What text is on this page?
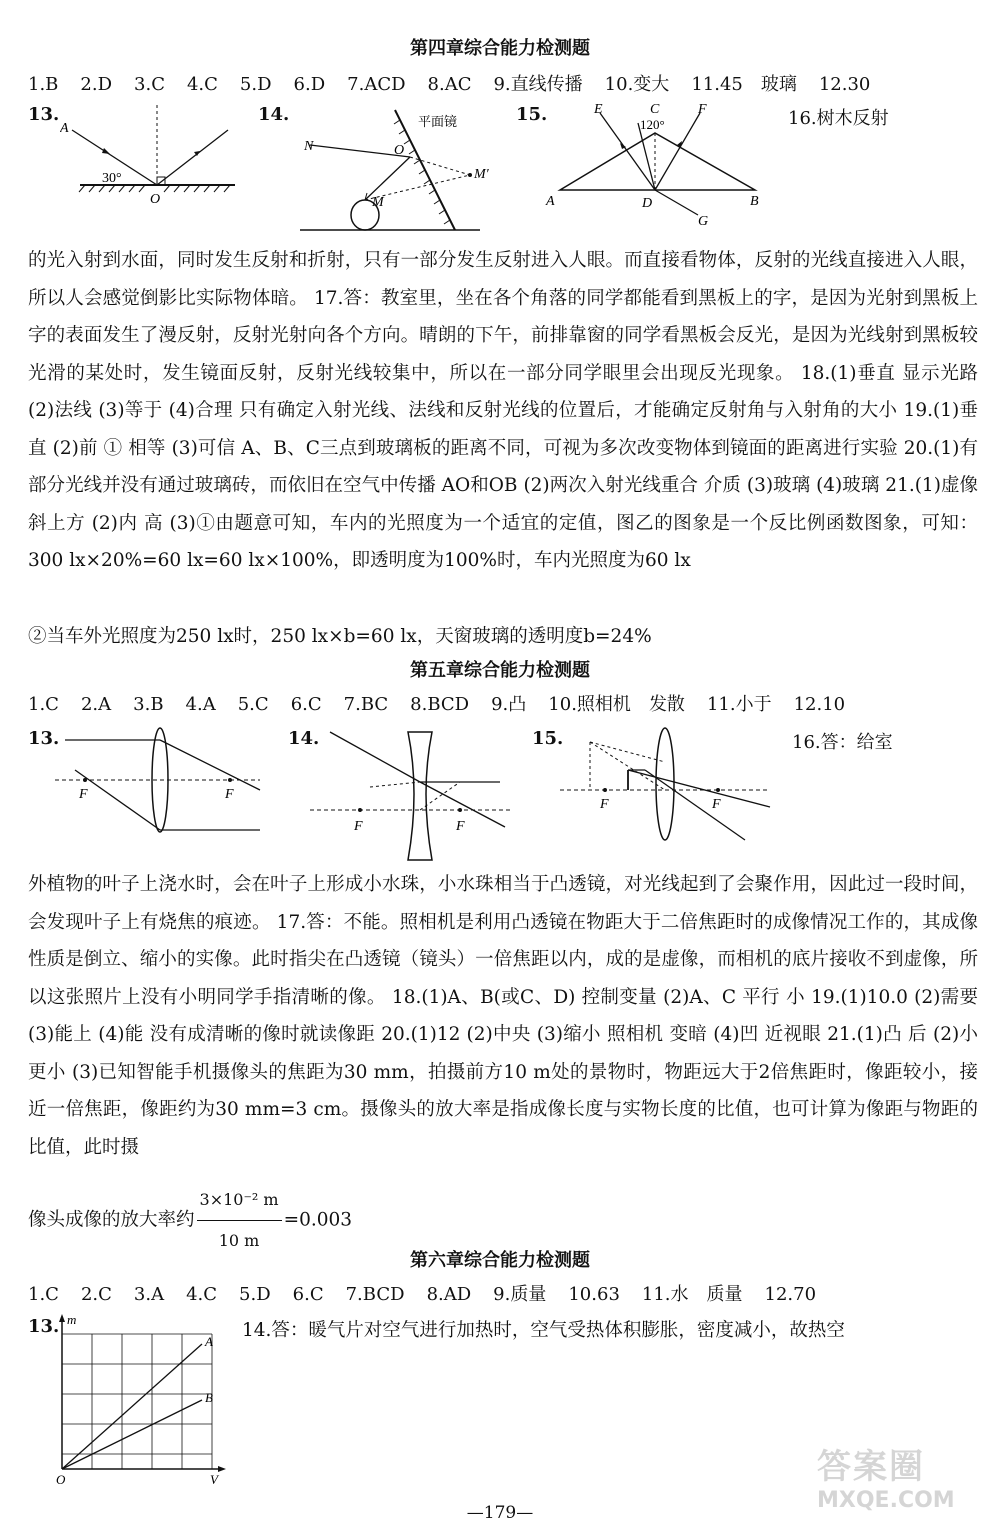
第四章综合能力检测题
1.B 2.D 3.C 4.C 5.D 6.D 7.ACD 8.AC 9.直线传播 10.变大 11.45 玻璃 12.30
13.
A
O
30°
14.	平面镜
N	O
M
M′
15.	E	C	F
120°
A	D	B
G
16.树木反射
的光入射到水面，同时发生反射和折射，只有一部分发生反射进入人眼。而直接看物体，反射的光线直接进入人眼，所以人会感觉倒影比实际物体暗。 17.答：教室里，坐在各个角落的同学都能看到黑板上的字，是因为光射到黑板上字的表面发生了漫反射，反射光射向各个方向。晴朗的下午，前排靠窗的同学看黑板会反光，是因为光线射到黑板较光滑的某处时，发生镜面反射，反射光线较集中，所以在一部分同学眼里会出现反光现象。 18.(1)垂直 显示光路 (2)法线 (3)等于 (4)合理 只有确定入射光线、法线和反射光线的位置后，才能确定反射角与入射角的大小 19.(1)垂直 (2)前 ① 相等 (3)可信 A、B、C三点到玻璃板的距离不同，可视为多次改变物体到镜面的距离进行实验 20.(1)有部分光线并没有通过玻璃砖，而依旧在空气中传播 AO和OB (2)两次入射光线重合 介质 (3)玻璃 (4)玻璃 21.(1)虚像 斜上方 (2)内 高 (3)①由题意可知，车内的光照度为一个适宜的定值，图乙的图象是一个反比例函数图象，可知：300 lx×20%=60 lx=60 lx×100%，即透明度为100%时，车内光照度为60 lx
②当车外光照度为250 lx时，250 lx×b=60 lx，天窗玻璃的透明度b=24%
第五章综合能力检测题
1.C 2.A 3.B 4.A 5.C 6.C 7.BC 8.BCD 9.凸 10.照相机 发散 11.小于 12.10
13.
F	F
14.
F	F
15.
F	F
16.答：给室
外植物的叶子上浇水时，会在叶子上形成小水珠，小水珠相当于凸透镜，对光线起到了会聚作用，因此过一段时间，会发现叶子上有烧焦的痕迹。 17.答：不能。照相机是利用凸透镜在物距大于二倍焦距时的成像情况工作的，其成像性质是倒立、缩小的实像。此时指尖在凸透镜（镜头）一倍焦距以内，成的是虚像，而相机的底片接收不到虚像，所以这张照片上没有小明同学手指清晰的像。 18.(1)A、B(或C、D) 控制变量 (2)A、C 平行 小 19.(1)10.0 (2)需要 (3)能上 (4)能 没有成清晰的像时就读像距 20.(1)12 (2)中央 (3)缩小 照相机 变暗 (4)凹 近视眼 21.(1)凸 后 (2)小 更小 (3)已知智能手机摄像头的焦距为30 mm，拍摄前方10 m处的景物时，物距远大于2倍焦距时，像距较小，接近一倍焦距，像距约为30 mm=3 cm。摄像头的放大率是指成像长度与实物长度的比值，也可计算为像距与物距的比值，此时摄
像头成像的放大率约 $\frac{\text{3×10⁻² m}}{10 m} =0.003$
第六章综合能力检测题
1.C 2.C 3.A 4.C 5.D 6.C 7.BCD 8.AD 9.质量 10.63 11.水 质量 12.70
13. m
V
O
A
B
14.答：暖气片对空气进行加热时，空气受热体积膨胀，密度减小，故热空
—179—
答案圈
MXQE.COM
